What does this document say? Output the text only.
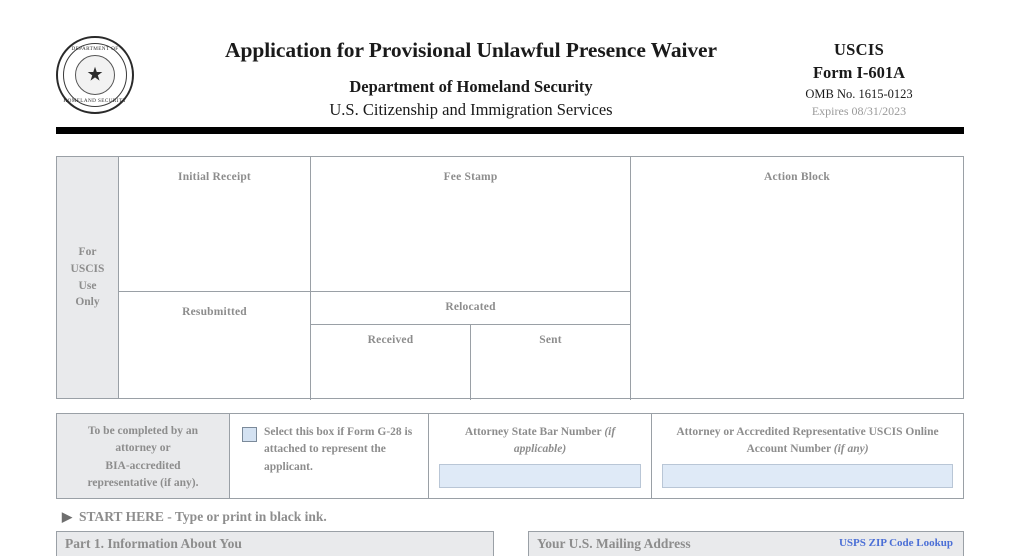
DEPARTMENT OF
★
HOMELAND SECURITY
Application for Provisional Unlawful Presence Waiver
Department of Homeland Security
U.S. Citizenship and Immigration Services
USCIS
Form I-601A
OMB No. 1615-0123
Expires 08/31/2023
For
USCIS
Use
Only
Initial Receipt	Fee Stamp	Action Block
Resubmitted	Relocated
Received	Sent
To be completed by an
attorney or
BIA-accredited
representative (if any).
Select this box if Form G-28 is attached to represent the applicant.
Attorney State Bar Number (if applicable)
Attorney or Accredited Representative USCIS Online Account Number (if any)
▶ START HERE - Type or print in black ink.
Part 1. Information About You	Your U.S. Mailing Address	USPS ZIP Code Lookup
